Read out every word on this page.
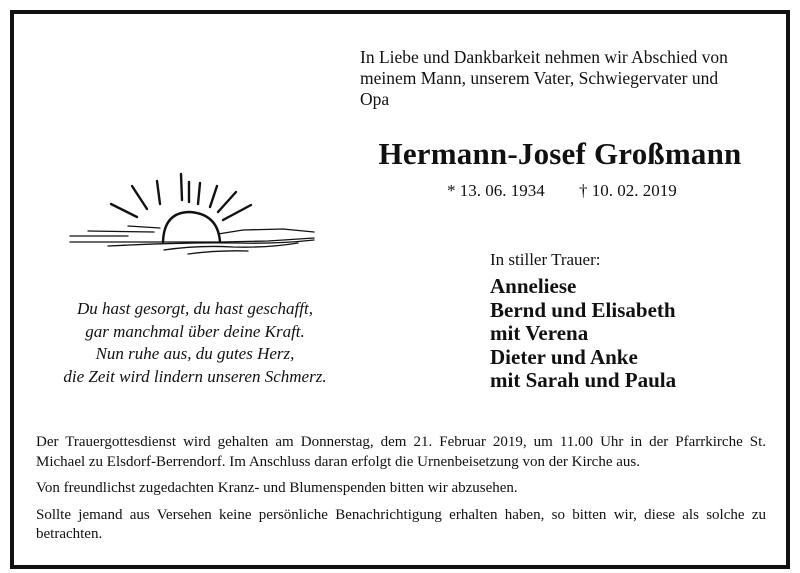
In Liebe und Dankbarkeit nehmen wir Abschied von

meinem Mann, unserem Vater, Schwiegervater und

Opa

Hermann-Josef Großmann
* 13. 06. 1934 † 10. 02. 2019
Du hast gesorgt, du hast geschafft,
gar manchmal über deine Kraft.
Nun ruhe aus, du gutes Herz,
die Zeit wird lindern unseren Schmerz.
In stiller Trauer:
Anneliese
Bernd und Elisabeth
mit Verena
Dieter und Anke
mit Sarah und Paula

Der Trauergottesdienst wird gehalten am Donnerstag, dem 21. Februar 2019, um 11.00 Uhr in der Pfarrkirche St. Michael zu Elsdorf-Berrendorf. Im Anschluss daran erfolgt die Urnenbeisetzung von der Kirche aus.

Von freundlichst zugedachten Kranz- und Blumenspenden bitten wir abzusehen.

Sollte jemand aus Versehen keine persönliche Benachrichtigung erhalten haben, so bitten wir, diese als solche zu betrachten.
